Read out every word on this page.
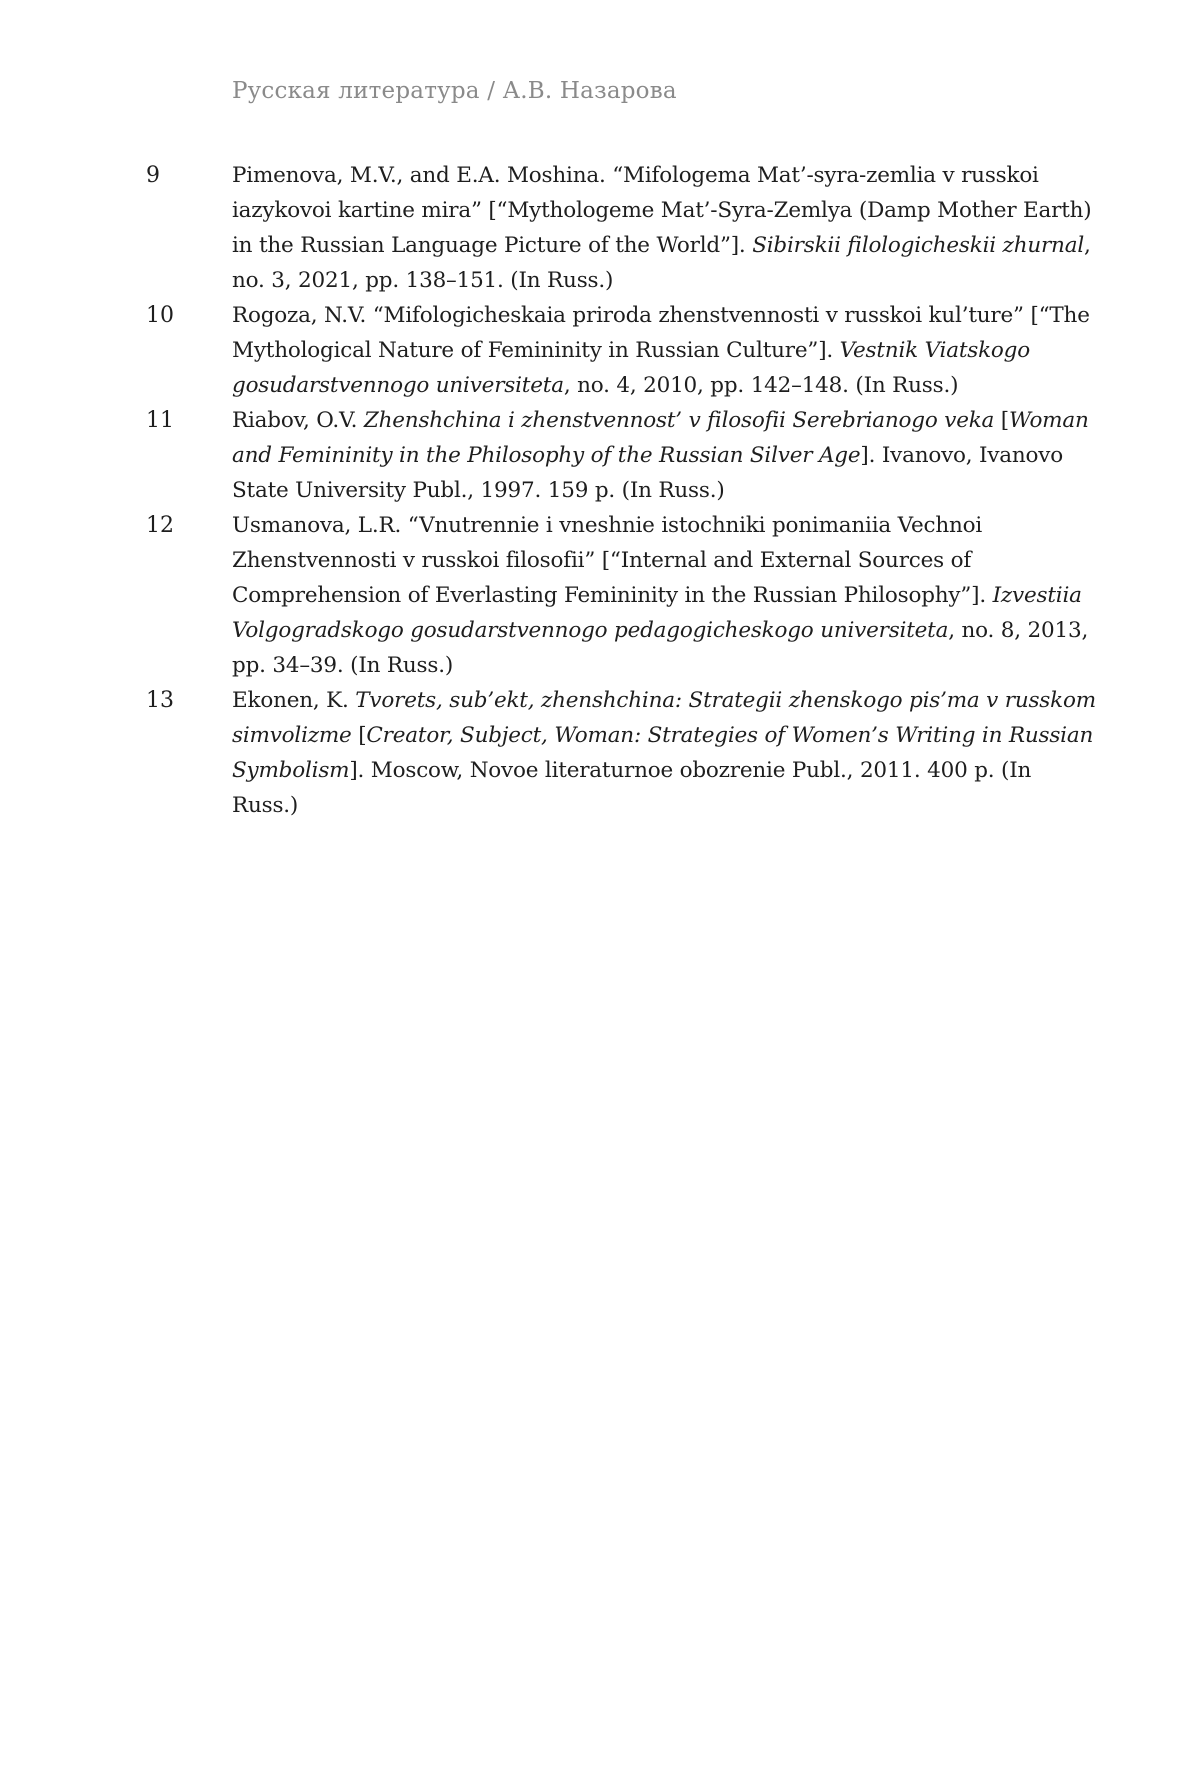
Русская литература / А.В. Назарова
9	Pimenova, M.V., and E.A. Moshina. “Mifologema Mat’-syra-zemlia v russkoi iazykovoi kartine mira” [“Mythologeme Mat’-Syra-Zemlya (Damp Mother Earth) in the Russian Language Picture of the World”]. Sibirskii filologicheskii zhurnal, no. 3, 2021, pp. 138–151. (In Russ.)
10	Rogoza, N.V. “Mifologicheskaia priroda zhenstvennosti v russkoi kul’ture” [“The Mythological Nature of Femininity in Russian Culture”]. Vestnik Viatskogo gosudarstvennogo universiteta, no. 4, 2010, pp. 142–148. (In Russ.)
11	Riabov, O.V. Zhenshchina i zhenstvennost’ v filosofii Serebrianogo veka [Woman and Femininity in the Philosophy of the Russian Silver Age]. Ivanovo, Ivanovo State University Publ., 1997. 159 p. (In Russ.)
12	Usmanova, L.R. “Vnutrennie i vneshnie istochniki ponimaniia Vechnoi Zhenstvennosti v russkoi filosofii” [“Internal and External Sources of Comprehension of Everlasting Femininity in the Russian Philosophy”]. Izvestiia Volgogradskogo gosudarstvennogo pedagogicheskogo universiteta, no. 8, 2013, pp. 34–39. (In Russ.)
13	Ekonen, K. Tvorets, sub’ekt, zhenshchina: Strategii zhenskogo pis’ma v russkom simvolizme [Creator, Subject, Woman: Strategies of Women’s Writing in Russian Symbolism]. Moscow, Novoe literaturnoe obozrenie Publ., 2011. 400 p. (In Russ.)
